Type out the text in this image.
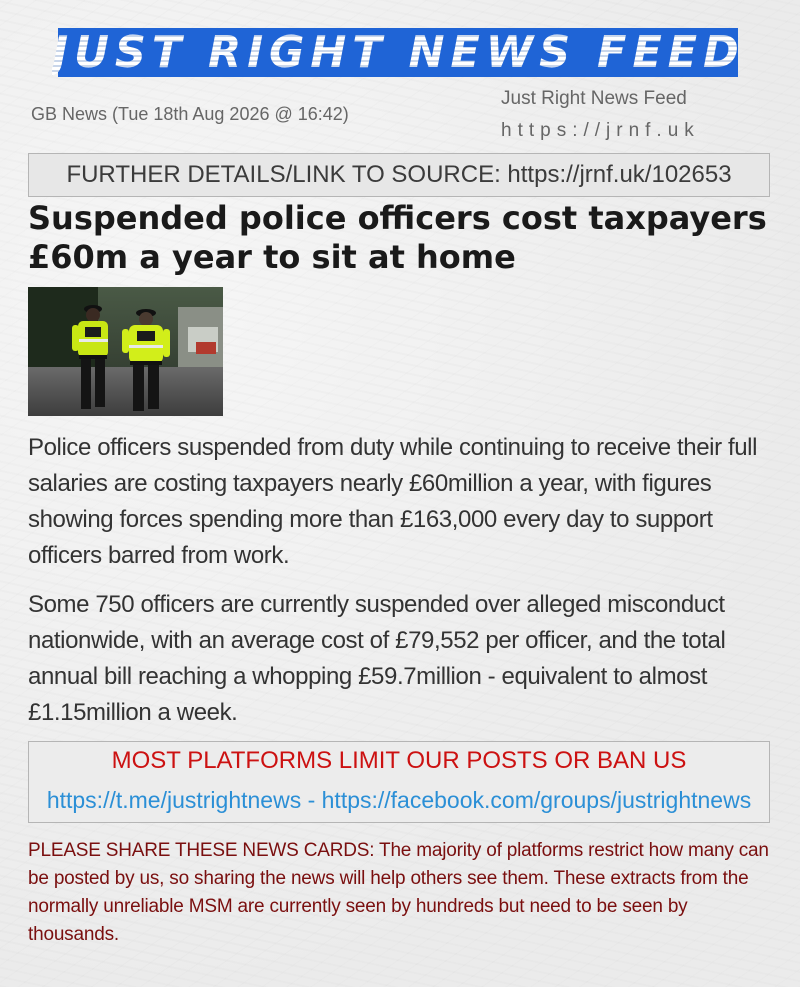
JUST RIGHT NEWS FEED
GB News (Tue 18th Aug 2026 @ 16:42)
Just Right News Feed
https://jrnf.uk
FURTHER DETAILS/LINK TO SOURCE: https://jrnf.uk/102653
Suspended police officers cost taxpayers £60m a year to sit at home

Police officers suspended from duty while continuing to receive their full salaries are costing taxpayers nearly £60million a year, with figures showing forces spending more than £163,000 every day to support officers barred from work.

Some 750 officers are currently suspended over alleged misconduct nationwide, with an average cost of £79,552 per officer, and the total annual bill reaching a whopping £59.7million - equivalent to almost £1.15million a week.

MOST PLATFORMS LIMIT OUR POSTS OR BAN US
https://t.me/justrightnews - https://facebook.com/groups/justrightnews
PLEASE SHARE THESE NEWS CARDS: The majority of platforms restrict how many can be posted by us, so sharing the news will help others see them. These extracts from the normally unreliable MSM are currently seen by hundreds but need to be seen by thousands.
